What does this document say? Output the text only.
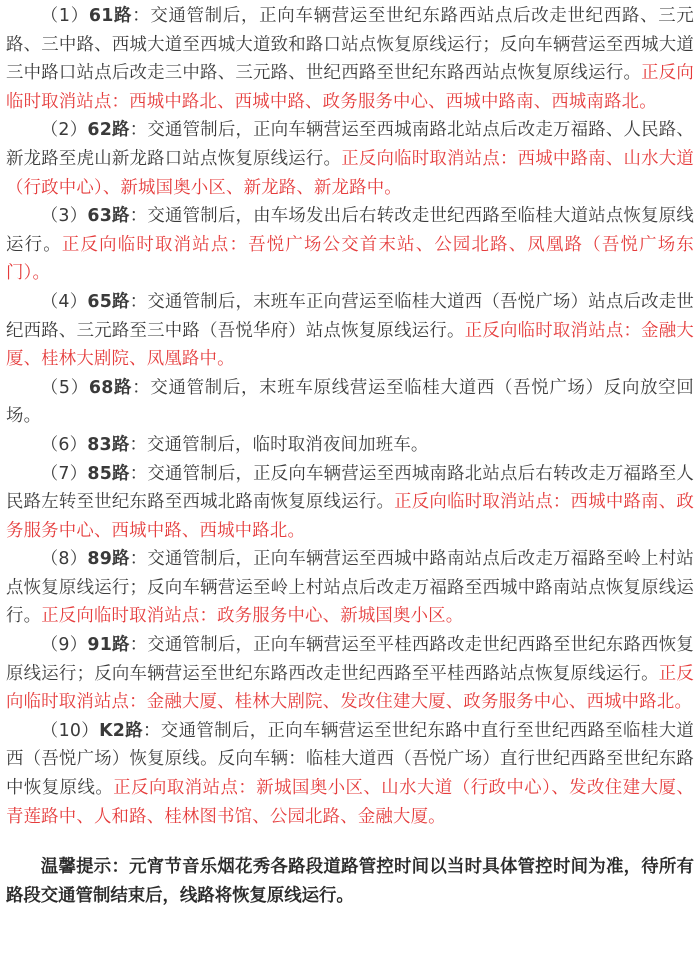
（1）61路：交通管制后，正向车辆营运至世纪东路西站点后改走世纪西路、三元路、三中路、西城大道至西城大道致和路口站点恢复原线运行；反向车辆营运至西城大道三中路口站点后改走三中路、三元路、世纪西路至世纪东路西站点恢复原线运行。正反向临时取消站点：西城中路北、西城中路、政务服务中心、西城中路南、西城南路北。

（2）62路：交通管制后，正向车辆营运至西城南路北站点后改走万福路、人民路、新龙路至虎山新龙路口站点恢复原线运行。正反向临时取消站点：西城中路南、山水大道（行政中心）、新城国奥小区、新龙路、新龙路中。

（3）63路：交通管制后，由车场发出后右转改走世纪西路至临桂大道站点恢复原线运行。正反向临时取消站点：吾悦广场公交首末站、公园北路、凤凰路（吾悦广场东门）。

（4）65路：交通管制后，末班车正向营运至临桂大道西（吾悦广场）站点后改走世纪西路、三元路至三中路（吾悦华府）站点恢复原线运行。正反向临时取消站点：金融大厦、桂林大剧院、凤凰路中。

（5）68路：交通管制后，末班车原线营运至临桂大道西（吾悦广场）反向放空回场。

（6）83路：交通管制后，临时取消夜间加班车。

（7）85路：交通管制后，正反向车辆营运至西城南路北站点后右转改走万福路至人民路左转至世纪东路至西城北路南恢复原线运行。正反向临时取消站点：西城中路南、政务服务中心、西城中路、西城中路北。

（8）89路：交通管制后，正向车辆营运至西城中路南站点后改走万福路至岭上村站点恢复原线运行；反向车辆营运至岭上村站点后改走万福路至西城中路南站点恢复原线运行。正反向临时取消站点：政务服务中心、新城国奥小区。

（9）91路：交通管制后，正向车辆营运至平桂西路改走世纪西路至世纪东路西恢复原线运行；反向车辆营运至世纪东路西改走世纪西路至平桂西路站点恢复原线运行。正反向临时取消站点：金融大厦、桂林大剧院、发改住建大厦、政务服务中心、西城中路北。

（10）K2路：交通管制后，正向车辆营运至世纪东路中直行至世纪西路至临桂大道西（吾悦广场）恢复原线。反向车辆：临桂大道西（吾悦广场）直行世纪西路至世纪东路中恢复原线。正反向取消站点：新城国奥小区、山水大道（行政中心）、发改住建大厦、青莲路中、人和路、桂林图书馆、公园北路、金融大厦。

温馨提示：元宵节音乐烟花秀各路段道路管控时间以当时具体管控时间为准，待所有路段交通管制结束后，线路将恢复原线运行。
